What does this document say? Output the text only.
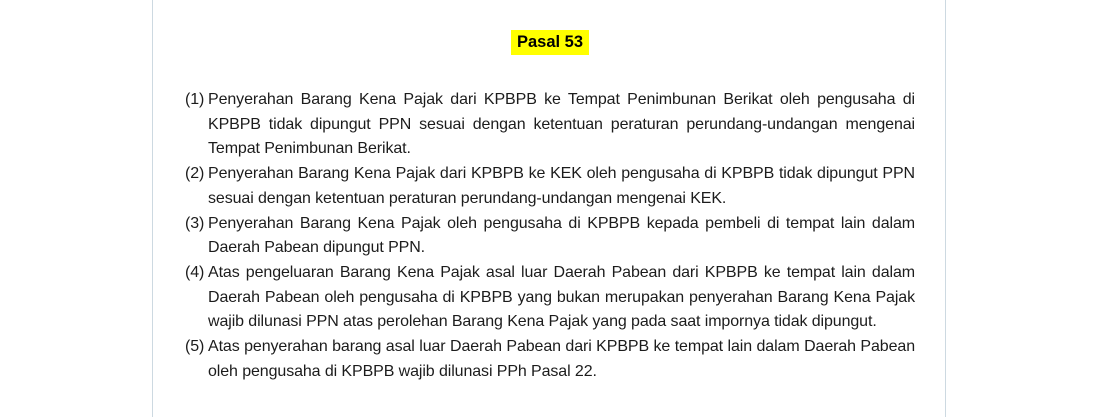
Pasal 53
(1) Penyerahan Barang Kena Pajak dari KPBPB ke Tempat Penimbunan Berikat oleh pengusaha di KPBPB tidak dipungut PPN sesuai dengan ketentuan peraturan perundang-undangan mengenai Tempat Penimbunan Berikat.
(2) Penyerahan Barang Kena Pajak dari KPBPB ke KEK oleh pengusaha di KPBPB tidak dipungut PPN sesuai dengan ketentuan peraturan perundang-undangan mengenai KEK.
(3) Penyerahan Barang Kena Pajak oleh pengusaha di KPBPB kepada pembeli di tempat lain dalam Daerah Pabean dipungut PPN.
(4) Atas pengeluaran Barang Kena Pajak asal luar Daerah Pabean dari KPBPB ke tempat lain dalam Daerah Pabean oleh pengusaha di KPBPB yang bukan merupakan penyerahan Barang Kena Pajak wajib dilunasi PPN atas perolehan Barang Kena Pajak yang pada saat impornya tidak dipungut.
(5) Atas penyerahan barang asal luar Daerah Pabean dari KPBPB ke tempat lain dalam Daerah Pabean oleh pengusaha di KPBPB wajib dilunasi PPh Pasal 22.
